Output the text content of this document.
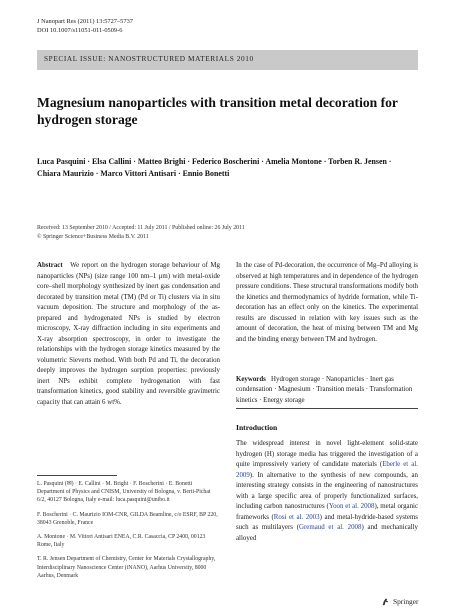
J Nanopart Res (2011) 13:5727–5737
DOI 10.1007/s11051-011-0509-6
SPECIAL ISSUE: NANOSTRUCTURED MATERIALS 2010
Magnesium nanoparticles with transition metal decoration for hydrogen storage
Luca Pasquini · Elsa Callini · Matteo Brighi · Federico Boscherini · Amelia Montone · Torben R. Jensen · Chiara Maurizio · Marco Vittori Antisari · Ennio Bonetti
Received: 13 September 2010 / Accepted: 11 July 2011 / Published online: 26 July 2011
© Springer Science+Business Media B.V. 2011
Abstract We report on the hydrogen storage behaviour of Mg nanoparticles (NPs) (size range 100 nm–1 μm) with metal-oxide core–shell morphology synthesized by inert gas condensation and decorated by transition metal (TM) (Pd or Ti) clusters via in situ vacuum deposition. The structure and morphology of the as-prepared and hydrogenated NPs is studied by electron microscopy, X-ray diffraction including in situ experiments and X-ray absorption spectroscopy, in order to investigate the relationships with the hydrogen storage kinetics measured by the volumetric Sieverts method. With both Pd and Ti, the decoration deeply improves the hydrogen sorption properties: previously inert NPs exhibit complete hydrogenation with fast transformation kinetics, good stability and reversible gravimetric capacity that can attain 6 wt%.
In the case of Pd-decoration, the occurrence of Mg–Pd alloying is observed at high temperatures and in dependence of the hydrogen pressure conditions. These structural transformations modify both the kinetics and thermodynamics of hydride formation, while Ti-decoration has an effect only on the kinetics. The experimental results are discussed in relation with key issues such as the amount of decoration, the heat of mixing between TM and Mg and the binding energy between TM and hydrogen.
Keywords Hydrogen storage · Nanoparticles · Inert gas condensation · Magnesium · Transition metals · Transformation kinetics · Energy storage
Introduction
The widespread interest in novel light-element solid-state hydrogen (H) storage media has triggered the investigation of a quite impressively variety of candidate materials (Eberle et al. 2009). In alternative to the synthesis of new compounds, an interesting strategy consists in the engineering of nanostructures with a large specific area of properly functionalized surfaces, including carbon nanostructures (Yoon et al. 2008), metal organic frameworks (Rosi et al. 2003) and metal-hydride-based systems such as multilayers (Gremaud et al. 2008) and mechanically alloyed

L. Pasquini (✉) · E. Callini · M. Brighi · F. Boscherini · E. Bonetti Department of Physics and CNISM, University of Bologna, v. Berti-Pichat 6/2, 40127 Bologna, Italy e-mail: luca.pasquini@unibo.it

F. Boscherini · C. Maurizio IOM-CNR, GILDA Beamline, c/o ESRF, BP 220, 38043 Grenoble, France

A. Montone · M. Vittori Antisari ENEA, C.R. Casaccia, CP 2400, 00123 Rome, Italy

T. R. Jensen Department of Chemistry, Center for Materials Crystallography, Interdisciplinary Nanoscience Center (iNANO), Aarhus University, 8000 Aarhus, Denmark

Springer
